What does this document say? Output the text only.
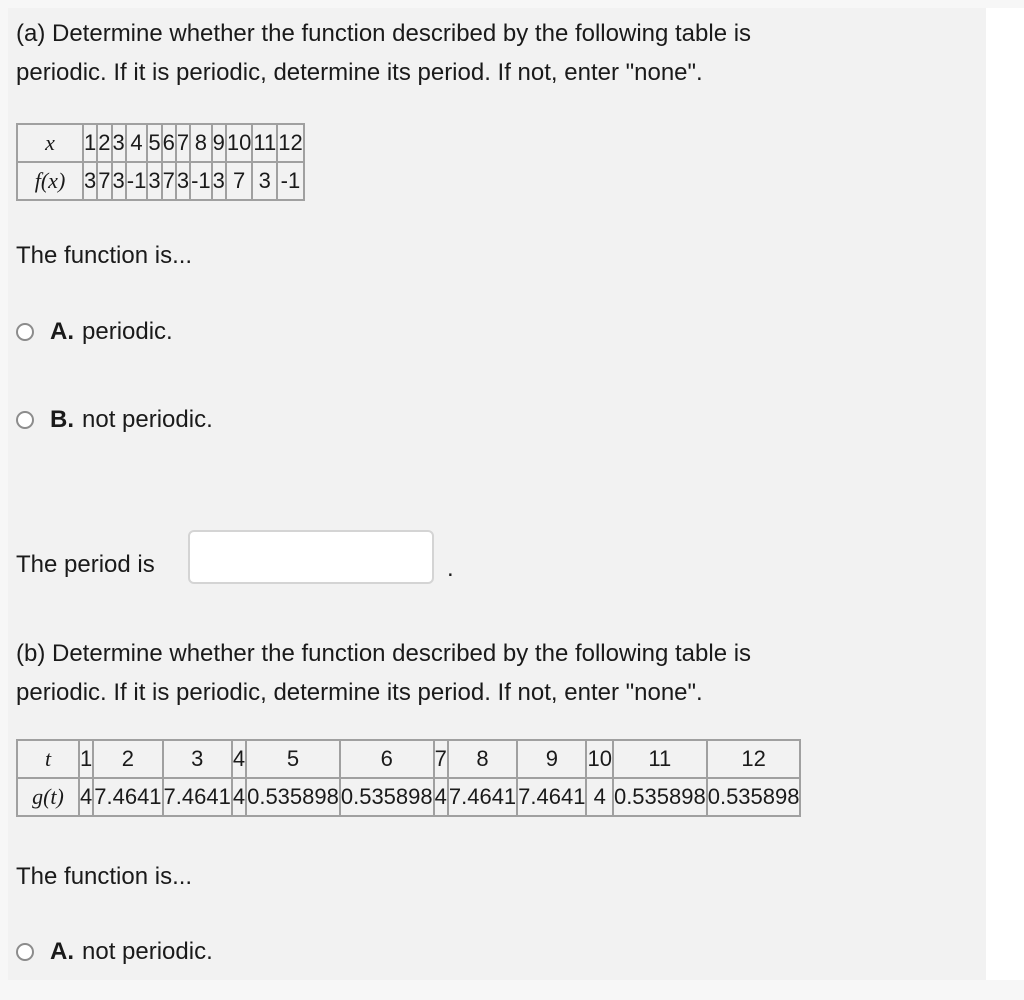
(a) Determine whether the function described by the following table is

periodic. If it is periodic, determine its period. If not, enter "none".

x	1	2	3	4	5	6	7	8	9	10	11	12
f(x)	3	7	3	-1	3	7	3	-1	3	7	3	-1
The function is...
A. periodic.
B. not periodic.
The period is	.

(b) Determine whether the function described by the following table is

periodic. If it is periodic, determine its period. If not, enter "none".

t	1	2	3	4	5	6	7	8	9	10	11	12
g(t)	4	7.4641	7.4641	4	0.535898	0.535898	4	7.4641	7.4641	4	0.535898	0.535898
The function is...
A. not periodic.
